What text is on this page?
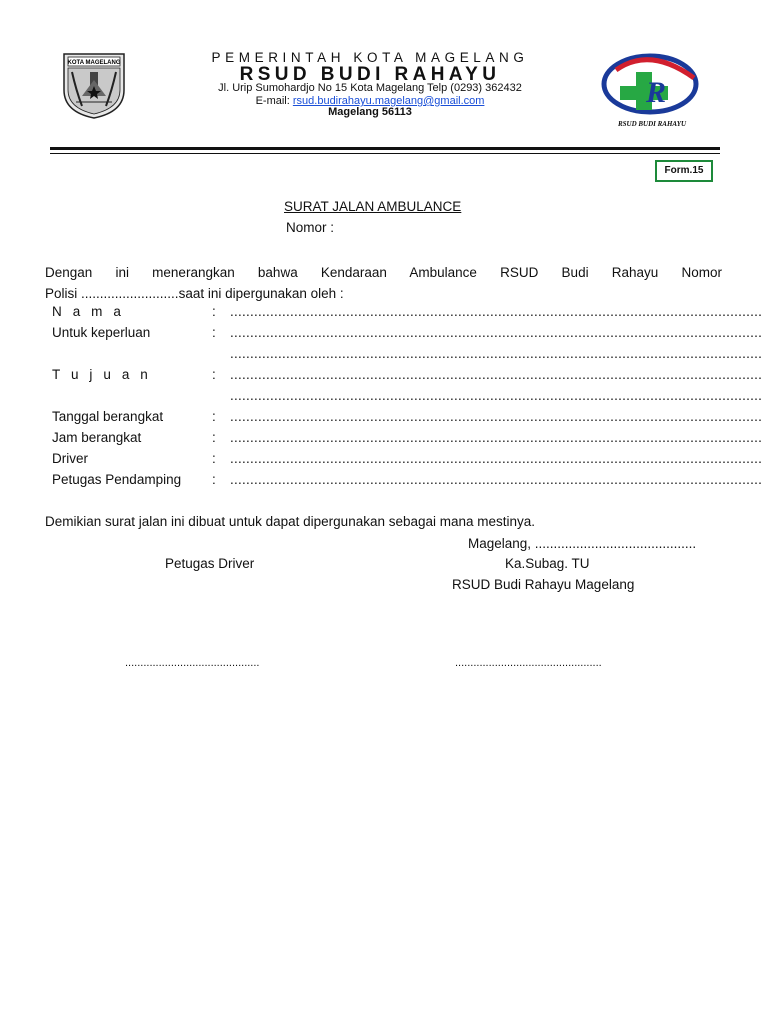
KOTA MAGELANG	PEMERINTAH KOTA MAGELANG
RSUD BUDI RAHAYU
Jl. Urip Sumohardjo No 15 Kota Magelang Telp (0293) 362432
E-mail: rsud.budirahayu.magelang@gmail.com
Magelang 56113
R
RSUD BUDI RAHAYU
Form.15
SURAT JALAN AMBULANCE
Nomor :
Dengan ini menerangkan bahwa Kendaraan Ambulance RSUD Budi Rahayu Nomor
Polisi ..........................saat ini dipergunakan oleh :
N a m a	: .....................................................................................................................................
Untuk keperluan	: .....................................................................................................................................
.....................................................................................................................................
T u j u a n	: .....................................................................................................................................
.....................................................................................................................................
Tanggal berangkat	: .....................................................................................................................................
Jam berangkat	: .....................................................................................................................................
Driver	: .....................................................................................................................................
Petugas Pendamping : .....................................................................................................................................
Demikian surat jalan ini dibuat untuk dapat dipergunakan sebagai mana mestinya.
Magelang, ...........................................
Petugas Driver	Ka.Subag. TU
RSUD Budi Rahayu Magelang
............................................	................................................
